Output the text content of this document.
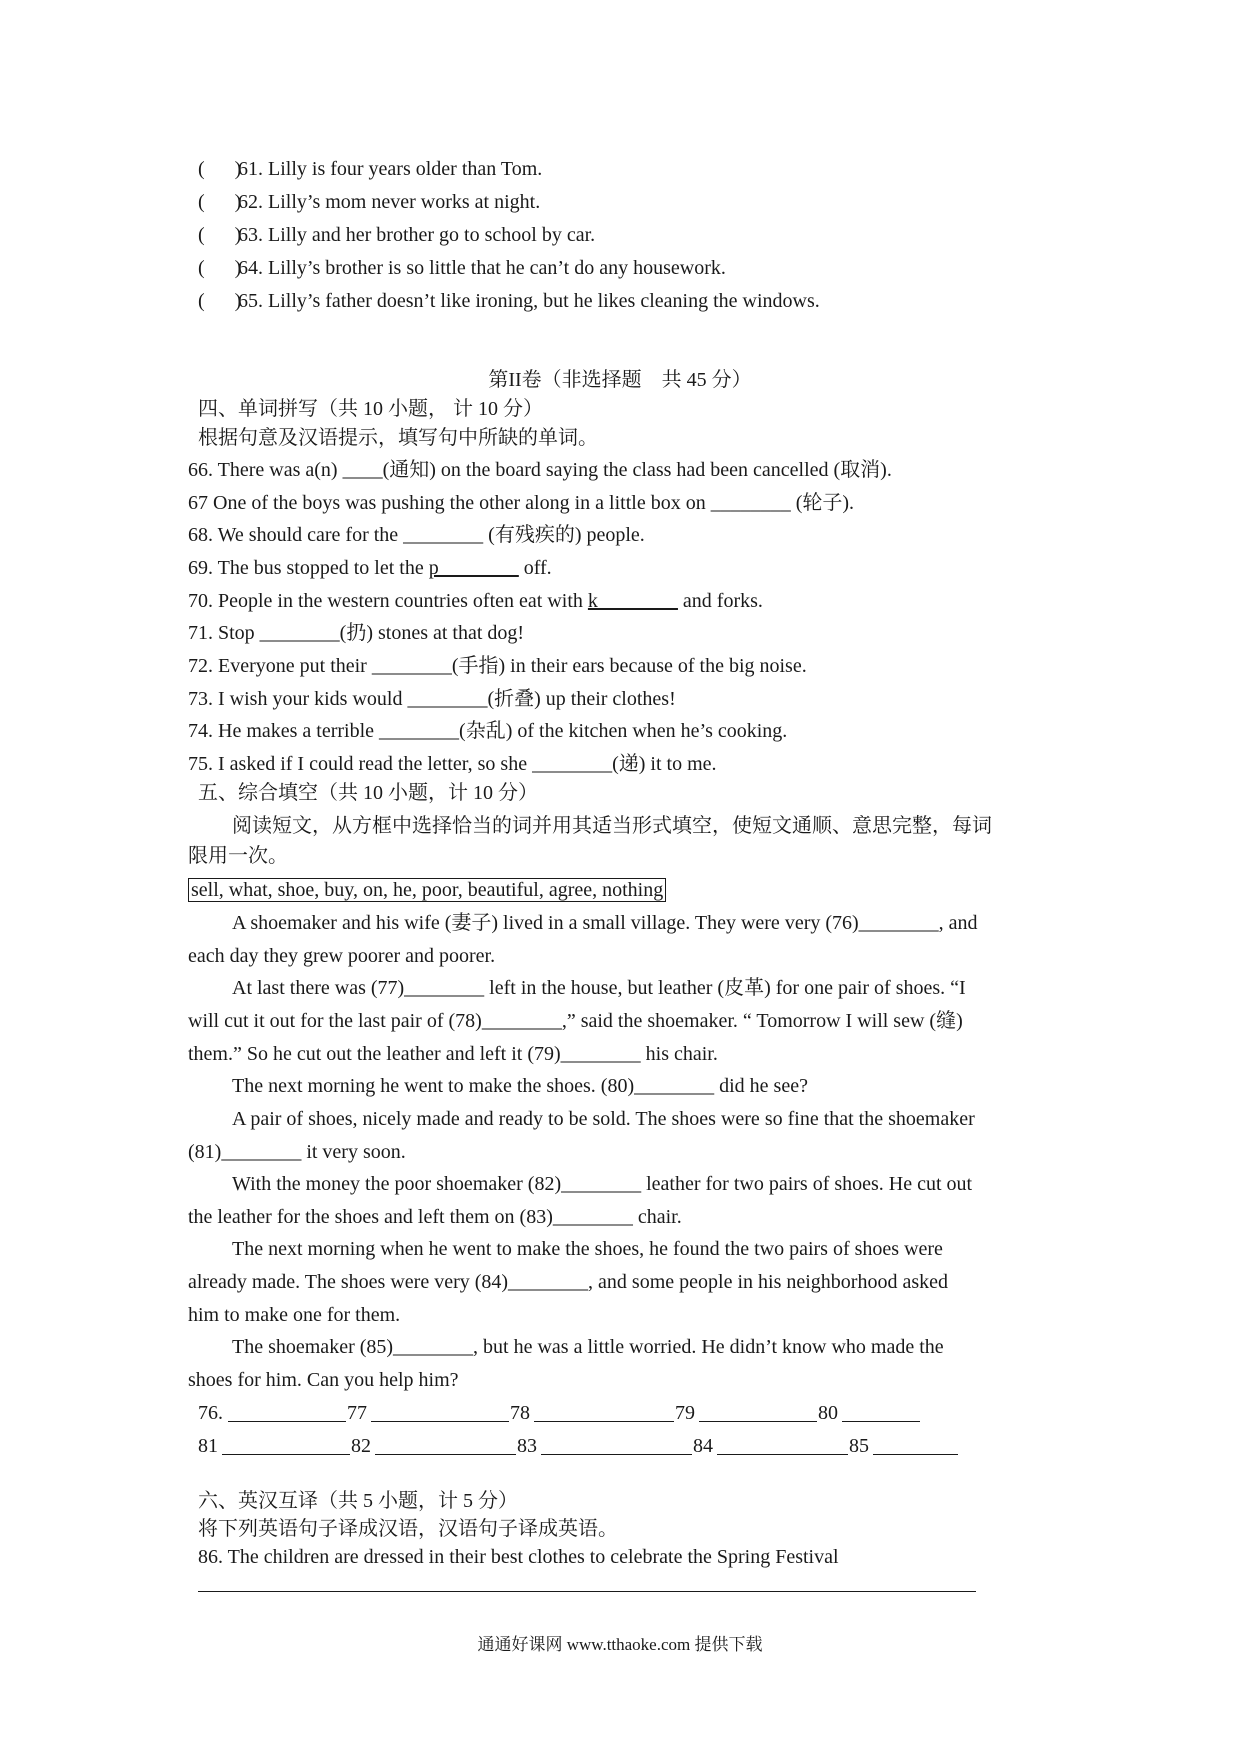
(      )61. Lilly is four years older than Tom.
(      )62. Lilly’s mom never works at night.
(      )63. Lilly and her brother go to school by car.
(      )64. Lilly’s brother is so little that he can’t do any housework.
(      )65. Lilly’s father doesn’t like ironing, but he likes cleaning the windows.
第II卷（非选择题　共 45 分）
四、单词拼写（共 10 小题， 计 10 分）
根据句意及汉语提示，填写句中所缺的单词。
66. There was a(n) ____(通知) on the board saying the class had been cancelled (取消).
67 One of the boys was pushing the other along in a little box on ________ (轮子).
68. We should care for the ________ (有残疾的) people.
69. The bus stopped to let the p________ off.
70. People in the western countries often eat with k________ and forks.
71. Stop ________(扔) stones at that dog!
72. Everyone put their ________(手指) in their ears because of the big noise.
73. I wish your kids would ________(折叠) up their clothes!
74. He makes a terrible ________(杂乱) of the kitchen when he’s cooking.
75. I asked if I could read the letter, so she ________(递) it to me.
五、综合填空（共 10 小题，计 10 分）
阅读短文，从方框中选择恰当的词并用其适当形式填空，使短文通顺、意思完整，每词
限用一次。
sell, what, shoe, buy, on, he, poor, beautiful, agree, nothing
A shoemaker and his wife (妻子) lived in a small village. They were very (76)________, and
each day they grew poorer and poorer.
At last there was (77)________ left in the house, but leather (皮革) for one pair of shoes. “I
will cut it out for the last pair of (78)________,” said the shoemaker. “ Tomorrow I will sew (缝)
them.” So he cut out the leather and left it (79)________ his chair.
The next morning he went to make the shoes. (80)________ did he see?
A pair of shoes, nicely made and ready to be sold. The shoes were so fine that the shoemaker
(81)________ it very soon.
With the money the poor shoemaker (82)________ leather for two pairs of shoes. He cut out
the leather for the shoes and left them on (83)________ chair.
The next morning when he went to make the shoes, he found the two pairs of shoes were
already made. The shoes were very (84)________, and some people in his neighborhood asked
him to make one for them.
The shoemaker (85)________, but he was a little worried. He didn’t know who made the
shoes for him. Can you help him?
76.	77	78	79	80
81	82	83	84	85
六、英汉互译（共 5 小题，计 5 分）
将下列英语句子译成汉语，汉语句子译成英语。
86. The children are dressed in their best clothes to celebrate the Spring Festival
通通好课网 www.tthaoke.com 提供下载
